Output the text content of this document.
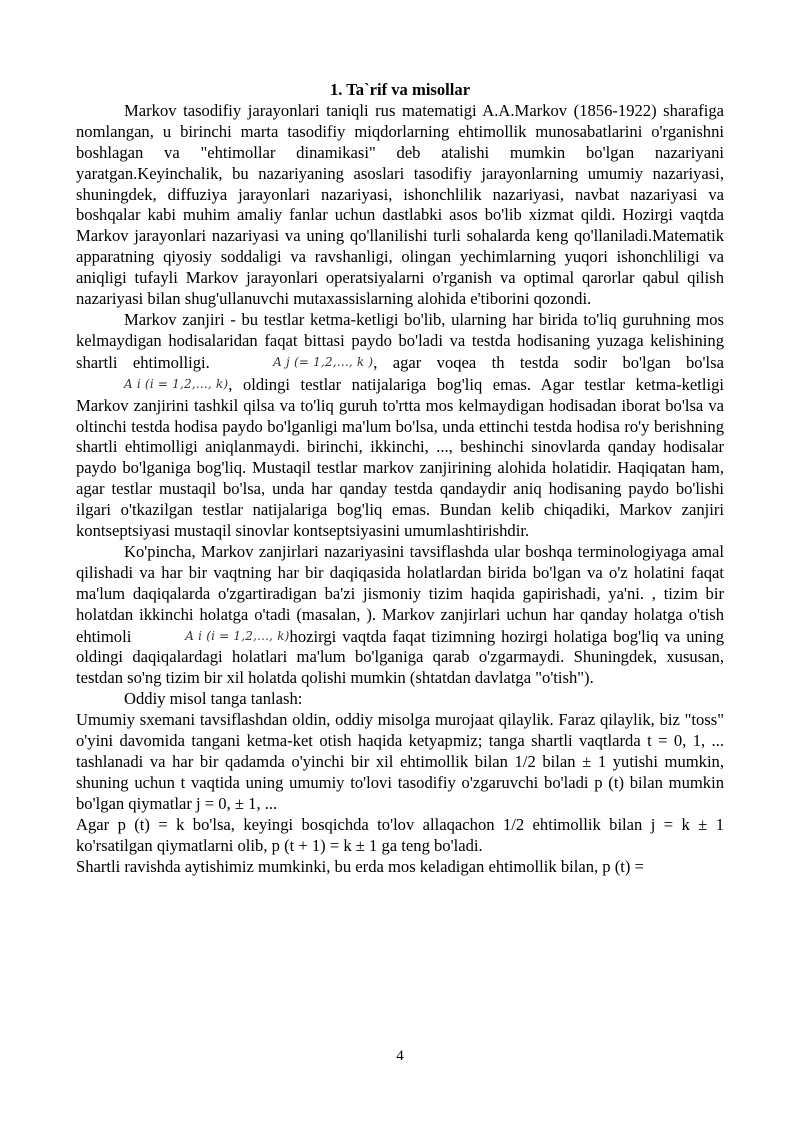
1. Ta`rif va misollar

Markov tasodifiy jarayonlari taniqli rus matematigi A.A.Markov (1856-1922) sharafiga nomlangan, u birinchi marta tasodifiy miqdorlarning ehtimollik munosabatlarini o'rganishni boshlagan va "ehtimollar dinamikasi" deb atalishi mumkin bo'lgan nazariyani yaratgan.Keyinchalik, bu nazariyaning asoslari tasodifiy jarayonlarning umumiy nazariyasi, shuningdek, diffuziya jarayonlari nazariyasi, ishonchlilik nazariyasi, navbat nazariyasi va boshqalar kabi muhim amaliy fanlar uchun dastlabki asos bo'lib xizmat qildi. Hozirgi vaqtda Markov jarayonlari nazariyasi va uning qo'llanilishi turli sohalarda keng qo'llaniladi.Matematik apparatning qiyosiy soddaligi va ravshanligi, olingan yechimlarning yuqori ishonchliligi va aniqligi tufayli Markov jarayonlari operatsiyalarni o'rganish va optimal qarorlar qabul qilish nazariyasi bilan shug'ullanuvchi mutaxassislarning alohida e'tiborini qozondi.

Markov zanjiri - bu testlar ketma-ketligi bo'lib, ularning har birida to'liq guruhning mos kelmaydigan hodisalaridan faqat bittasi paydo bo'ladi va testda hodisaning yuzaga kelishining shartli ehtimolligi.	A j (= 1,2,..., k ), agar voqea th testda sodir bo'lgan bo'lsa A i (i = 1,2,..., k), oldingi testlar natijalariga bog'liq emas. Agar testlar ketma-ketligi Markov zanjirini tashkil qilsa va to'liq guruh to'rtta mos kelmaydigan hodisadan iborat bo'lsa va oltinchi testda hodisa paydo bo'lganligi ma'lum bo'lsa, unda ettinchi testda hodisa ro'y berishning shartli ehtimolligi aniqlanmaydi. birinchi, ikkinchi, ..., beshinchi sinovlarda qanday hodisalar paydo bo'lganiga bog'liq. Mustaqil testlar markov zanjirining alohida holatidir. Haqiqatan ham, agar testlar mustaqil bo'lsa, unda har qanday testda qandaydir aniq hodisaning paydo bo'lishi ilgari o'tkazilgan testlar natijalariga bog'liq emas. Bundan kelib chiqadiki, Markov zanjiri kontseptsiyasi mustaqil sinovlar kontseptsiyasini umumlashtirishdir.

Ko'pincha, Markov zanjirlari nazariyasini tavsiflashda ular boshqa terminologiyaga amal qilishadi va har bir vaqtning har bir daqiqasida holatlardan birida bo'lgan va o'z holatini faqat ma'lum daqiqalarda o'zgartiradigan ba'zi jismoniy tizim haqida gapirishadi, ya'ni. , tizim bir holatdan ikkinchi holatga o'tadi (masalan, ). Markov zanjirlari uchun har qanday holatga o'tish ehtimoli	A i (i = 1,2,..., k)hozirgi vaqtda faqat tizimning hozirgi holatiga bog'liq va uning oldingi daqiqalardagi holatlari ma'lum bo'lganiga qarab o'zgarmaydi. Shuningdek, xususan, testdan so'ng tizim bir xil holatda qolishi mumkin (shtatdan davlatga "o'tish").

Oddiy misol tanga tanlash:

Umumiy sxemani tavsiflashdan oldin, oddiy misolga murojaat qilaylik. Faraz qilaylik, biz "toss" o'yini davomida tangani ketma-ket otish haqida ketyapmiz; tanga shartli vaqtlarda t = 0, 1, ... tashlanadi va har bir qadamda o'yinchi bir xil ehtimollik bilan 1/2 bilan ± 1 yutishi mumkin, shuning uchun t vaqtida uning umumiy to'lovi tasodifiy o'zgaruvchi bo'ladi p (t) bilan mumkin bo'lgan qiymatlar j = 0, ± 1, ...

Agar p (t) = k bo'lsa, keyingi bosqichda to'lov allaqachon 1/2 ehtimollik bilan j = k ± 1 ko'rsatilgan qiymatlarni olib, p (t + 1) = k ± 1 ga teng bo'ladi.

Shartli ravishda aytishimiz mumkinki, bu erda mos keladigan ehtimollik bilan, p (t) =

4
